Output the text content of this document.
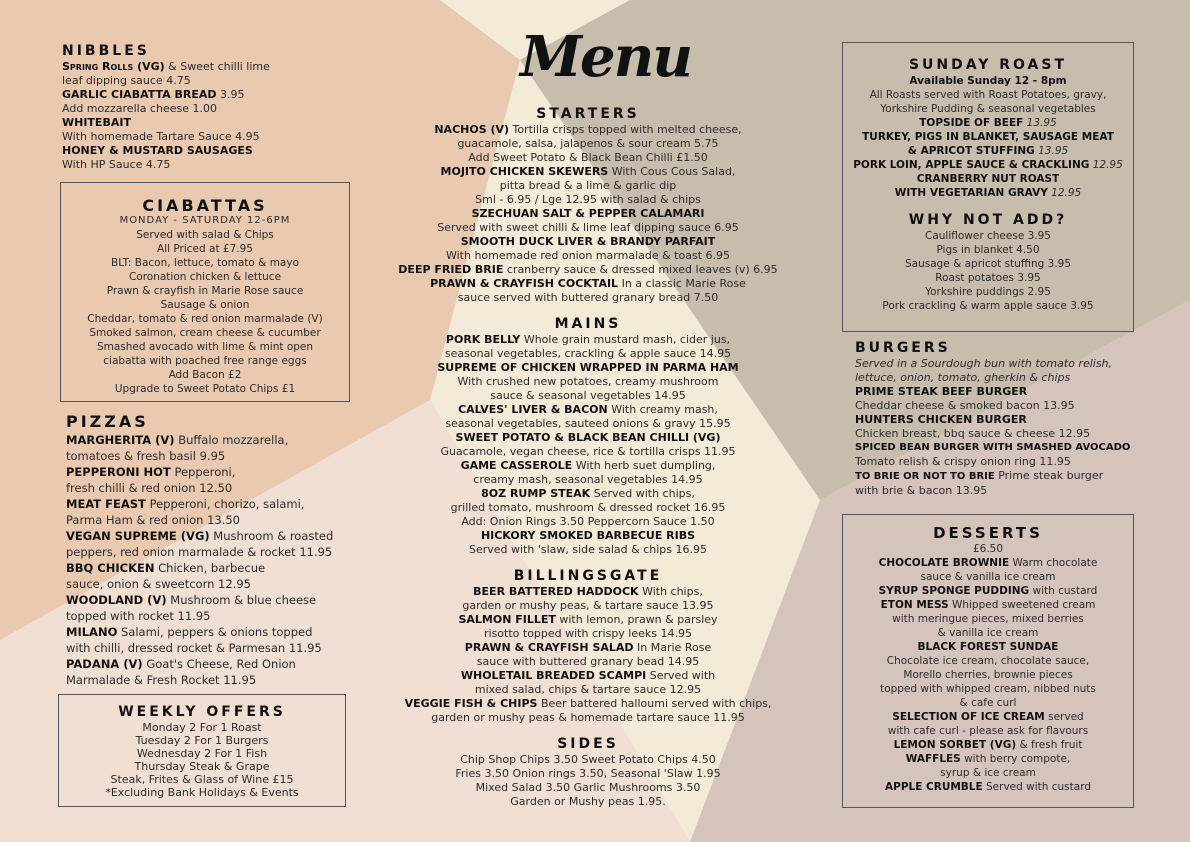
Menu
NIBBLES
Spring Rolls (VG) & Sweet chilli lime
leaf dipping sauce 4.75
GARLIC CIABATTA BREAD 3.95
Add mozzarella cheese 1.00
WHITEBAIT
With homemade Tartare Sauce 4.95
HONEY & MUSTARD SAUSAGES
With HP Sauce 4.75
CIABATTAS
MONDAY - SATURDAY 12-6PM
Served with salad & Chips
All Priced at £7.95
BLT: Bacon, lettuce, tomato & mayo
Coronation chicken & lettuce
Prawn & crayfish in Marie Rose sauce
Sausage & onion
Cheddar, tomato & red onion marmalade (V)
Smoked salmon, cream cheese & cucumber
Smashed avocado with lime & mint open
ciabatta with poached free range eggs
Add Bacon £2
Upgrade to Sweet Potato Chips £1
PIZZAS
MARGHERITA (V) Buffalo mozzarella,
tomatoes & fresh basil 9.95
PEPPERONI HOT Pepperoni,
fresh chilli & red onion 12.50
MEAT FEAST Pepperoni, chorizo, salami,
Parma Ham & red onion 13.50
VEGAN SUPREME (VG) Mushroom & roasted
peppers, red onion marmalade & rocket 11.95
BBQ CHICKEN Chicken, barbecue
sauce, onion & sweetcorn 12.95
WOODLAND (V) Mushroom & blue cheese
topped with rocket 11.95
MILANO Salami, peppers & onions topped
with chilli, dressed rocket & Parmesan 11.95
PADANA (V) Goat's Cheese, Red Onion
Marmalade & Fresh Rocket 11.95
WEEKLY OFFERS
Monday 2 For 1 Roast
Tuesday 2 For 1 Burgers
Wednesday 2 For 1 Fish
Thursday Steak & Grape
Steak, Frites & Glass of Wine £15
*Excluding Bank Holidays & Events
STARTERS
NACHOS (V) Tortilla crisps topped with melted cheese,
guacamole, salsa, jalapenos & sour cream 5.75
Add Sweet Potato & Black Bean Chilli £1.50
MOJITO CHICKEN SKEWERS With Cous Cous Salad,
pitta bread & a lime & garlic dip
Sml - 6.95 / Lge 12.95 with salad & chips
SZECHUAN SALT & PEPPER CALAMARI
Served with sweet chilli & lime leaf dipping sauce 6.95
SMOOTH DUCK LIVER & BRANDY PARFAIT
With homemade red onion marmalade & toast 6.95
DEEP FRIED BRIE cranberry sauce & dressed mixed leaves (v) 6.95
PRAWN & CRAYFISH COCKTAIL In a classic Marie Rose
sauce served with buttered granary bread 7.50
MAINS
PORK BELLY Whole grain mustard mash, cider jus,
seasonal vegetables, crackling & apple sauce 14.95
SUPREME OF CHICKEN WRAPPED IN PARMA HAM
With crushed new potatoes, creamy mushroom
sauce & seasonal vegetables 14.95
CALVES' LIVER & BACON With creamy mash,
seasonal vegetables, sauteed onions & gravy 15.95
SWEET POTATO & BLACK BEAN CHILLI (VG)
Guacamole, vegan cheese, rice & tortilla crisps 11.95
GAME CASSEROLE With herb suet dumpling,
creamy mash, seasonal vegetables 14.95
8OZ RUMP STEAK Served with chips,
grilled tomato, mushroom & dressed rocket 16.95
Add: Onion Rings 3.50 Peppercorn Sauce 1.50
HICKORY SMOKED BARBECUE RIBS
Served with 'slaw, side salad & chips 16.95
BILLINGSGATE
BEER BATTERED HADDOCK With chips,
garden or mushy peas, & tartare sauce 13.95
SALMON FILLET with lemon, prawn & parsley
risotto topped with crispy leeks 14.95
PRAWN & CRAYFISH SALAD In Marie Rose
sauce with buttered granary bead 14.95
WHOLETAIL BREADED SCAMPI Served with
mixed salad, chips & tartare sauce 12.95
VEGGIE FISH & CHIPS Beer battered halloumi served with chips,
garden or mushy peas & homemade tartare sauce 11.95
SIDES
Chip Shop Chips 3.50 Sweet Potato Chips 4.50
Fries 3.50 Onion rings 3.50, Seasonal 'Slaw 1.95
Mixed Salad 3.50 Garlic Mushrooms 3.50
Garden or Mushy peas 1.95.
SUNDAY ROAST
Available Sunday 12 - 8pm
All Roasts served with Roast Potatoes, gravy,
Yorkshire Pudding & seasonal vegetables
TOPSIDE OF BEEF 13.95
TURKEY, PIGS IN BLANKET, SAUSAGE MEAT
& APRICOT STUFFING 13.95
PORK LOIN, APPLE SAUCE & CRACKLING 12.95
CRANBERRY NUT ROAST
WITH VEGETARIAN GRAVY 12.95
WHY NOT ADD?
Cauliflower cheese 3.95
Pigs in blanket 4.50
Sausage & apricot stuffing 3.95
Roast potatoes 3.95
Yorkshire puddings 2.95
Pork crackling & warm apple sauce 3.95
BURGERS
Served in a Sourdough bun with tomato relish,
lettuce, onion, tomato, gherkin & chips
PRIME STEAK BEEF BURGER
Cheddar cheese & smoked bacon 13.95
HUNTERS CHICKEN BURGER
Chicken breast, bbq sauce & cheese 12.95
SPICED BEAN BURGER WITH SMASHED AVOCADO
Tomato relish & crispy onion ring 11.95
TO BRIE OR NOT TO BRIE Prime steak burger
with brie & bacon 13.95
DESSERTS
£6.50
CHOCOLATE BROWNIE Warm chocolate
sauce & vanilla ice cream
SYRUP SPONGE PUDDING with custard
ETON MESS Whipped sweetened cream
with meringue pieces, mixed berries
& vanilla ice cream
BLACK FOREST SUNDAE
Chocolate ice cream, chocolate sauce,
Morello cherries, brownie pieces
topped with whipped cream, nibbed nuts
& cafe curl
SELECTION OF ICE CREAM served
with cafe curl - please ask for flavours
LEMON SORBET (VG) & fresh fruit
WAFFLES with berry compote,
syrup & ice cream
APPLE CRUMBLE Served with custard
